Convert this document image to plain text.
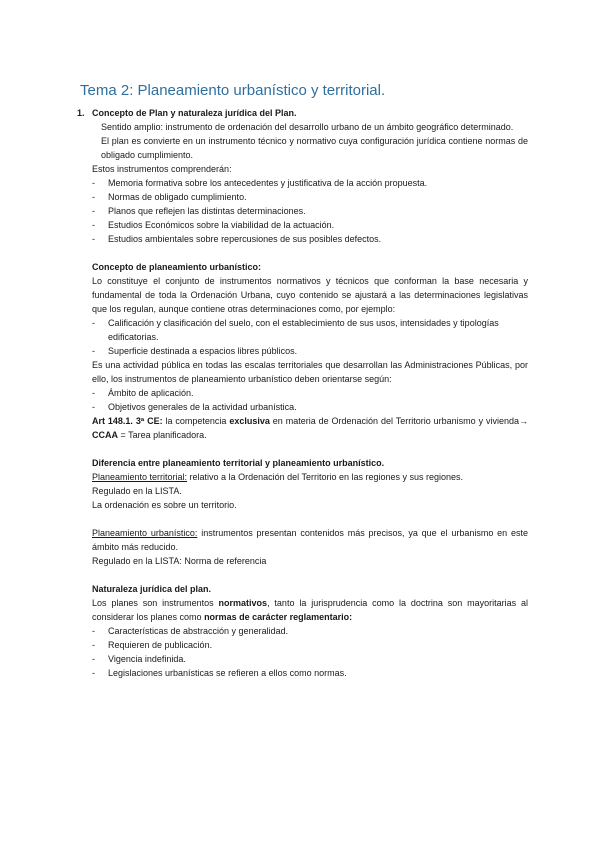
Tema 2: Planeamiento urbanístico y territorial.

1. Concepto de Plan y naturaleza jurídica del Plan.

Sentido amplio: instrumento de ordenación del desarrollo urbano de un ámbito geográfico determinado.

El plan es convierte en un instrumento técnico y normativo cuya configuración jurídica contiene normas de obligado cumplimiento.

Estos instrumentos comprenderán:

- Memoria formativa sobre los antecedentes y justificativa de la acción propuesta.
- Normas de obligado cumplimiento.
- Planos que reflejen las distintas determinaciones.
- Estudios Económicos sobre la viabilidad de la actuación.
- Estudios ambientales sobre repercusiones de sus posibles defectos.

Concepto de planeamiento urbanístico:

Lo constituye el conjunto de instrumentos normativos y técnicos que conforman la base necesaria y fundamental de toda la Ordenación Urbana, cuyo contenido se ajustará a las determinaciones legislativas que los regulan, aunque contiene otras determinaciones como, por ejemplo:

- Calificación y clasificación del suelo, con el establecimiento de sus usos, intensidades y tipologías edificatorias.
- Superficie destinada a espacios libres públicos.

Es una actividad pública en todas las escalas territoriales que desarrollan las Administraciones Públicas, por ello, los instrumentos de planeamiento urbanístico deben orientarse según:

- Ámbito de aplicación.
- Objetivos generales de la actividad urbanística.

Art 148.1. 3ª CE: la competencia exclusiva en materia de Ordenación del Territorio urbanismo y vivienda→ CCAA = Tarea planificadora.

Diferencia entre planeamiento territorial y planeamiento urbanístico.

Planeamiento territorial: relativo a la Ordenación del Territorio en las regiones y sus regiones.

Regulado en la LISTA.

La ordenación es sobre un territorio.

Planeamiento urbanístico: instrumentos presentan contenidos más precisos, ya que el urbanismo en este ámbito más reducido.

Regulado en la LISTA: Norma de referencia

Naturaleza jurídica del plan.

Los planes son instrumentos normativos, tanto la jurisprudencia como la doctrina son mayoritarias al considerar los planes como normas de carácter reglamentario:

- Características de abstracción y generalidad.
- Requieren de publicación.
- Vigencia indefinida.
- Legislaciones urbanísticas se refieren a ellos como normas.
